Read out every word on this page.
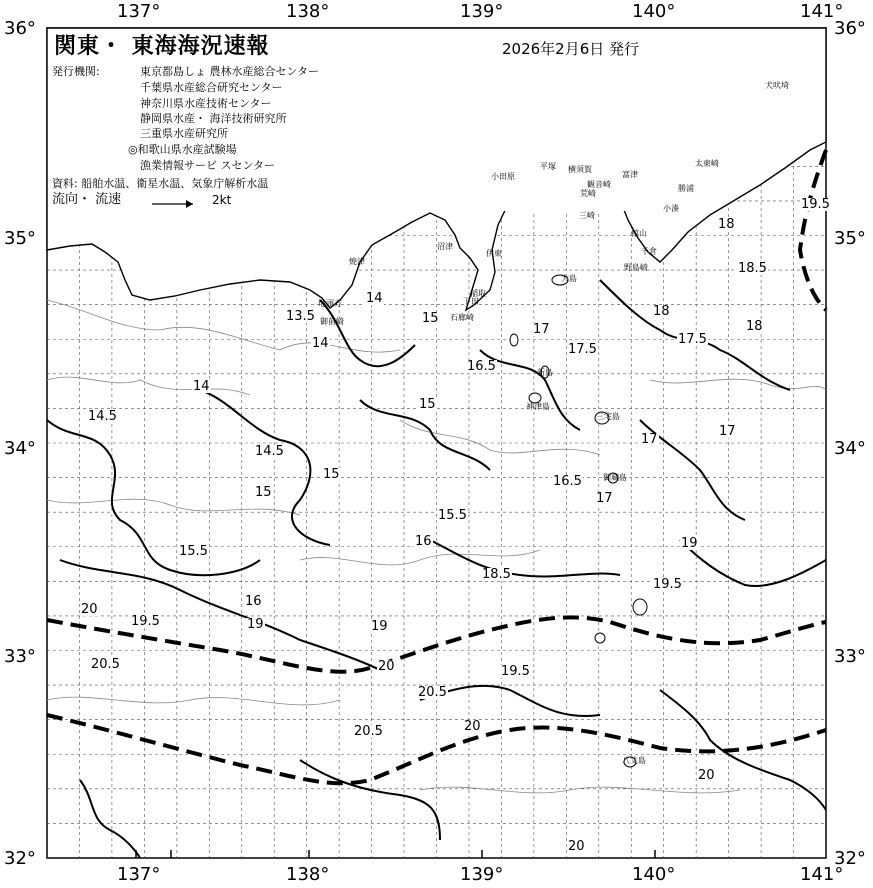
関東・ 東海海況速報	2026年2月6日 発行
発行機関:	東京都島しょ 農林水産総合センター
千葉県水産総合研究センター
神奈川県水産技術センター
静岡県水産・ 海洋技術研究所
三重県水産研究所
◎和歌山県水産試験場
漁業情報サービ スセンター
資料: 船舶水温、衛星水温、気象庁解析水温
流向・ 流速	2kt
137°	138°	139°	140°	141°
137°	138°	139°	140°	141°
36°
35°
34°
33°
32°
36°
35°
34°
33°
32°
13.5
14
14
14
14.5
14.5
15
15
15
15
15.5
15.5
16
16
16.5
16.5
17
17
17
17
17.5
17.5
18
18
18
18.5
18.5
19
19
19
19.5
19.5
19.5
19.5
20
20
20
20
20
20.5
20.5
20.5
小田原
平塚 横須賀
富津
観音崎
三崎
荒崎
館山
千倉
野島崎
大島
稲取
下田
石廊崎
伊東
沼津
焼津
御前崎
地頭方
新島
神津島
三宅島
御蔵島
八丈島
犬吠埼
太東崎
勝浦
小湊
